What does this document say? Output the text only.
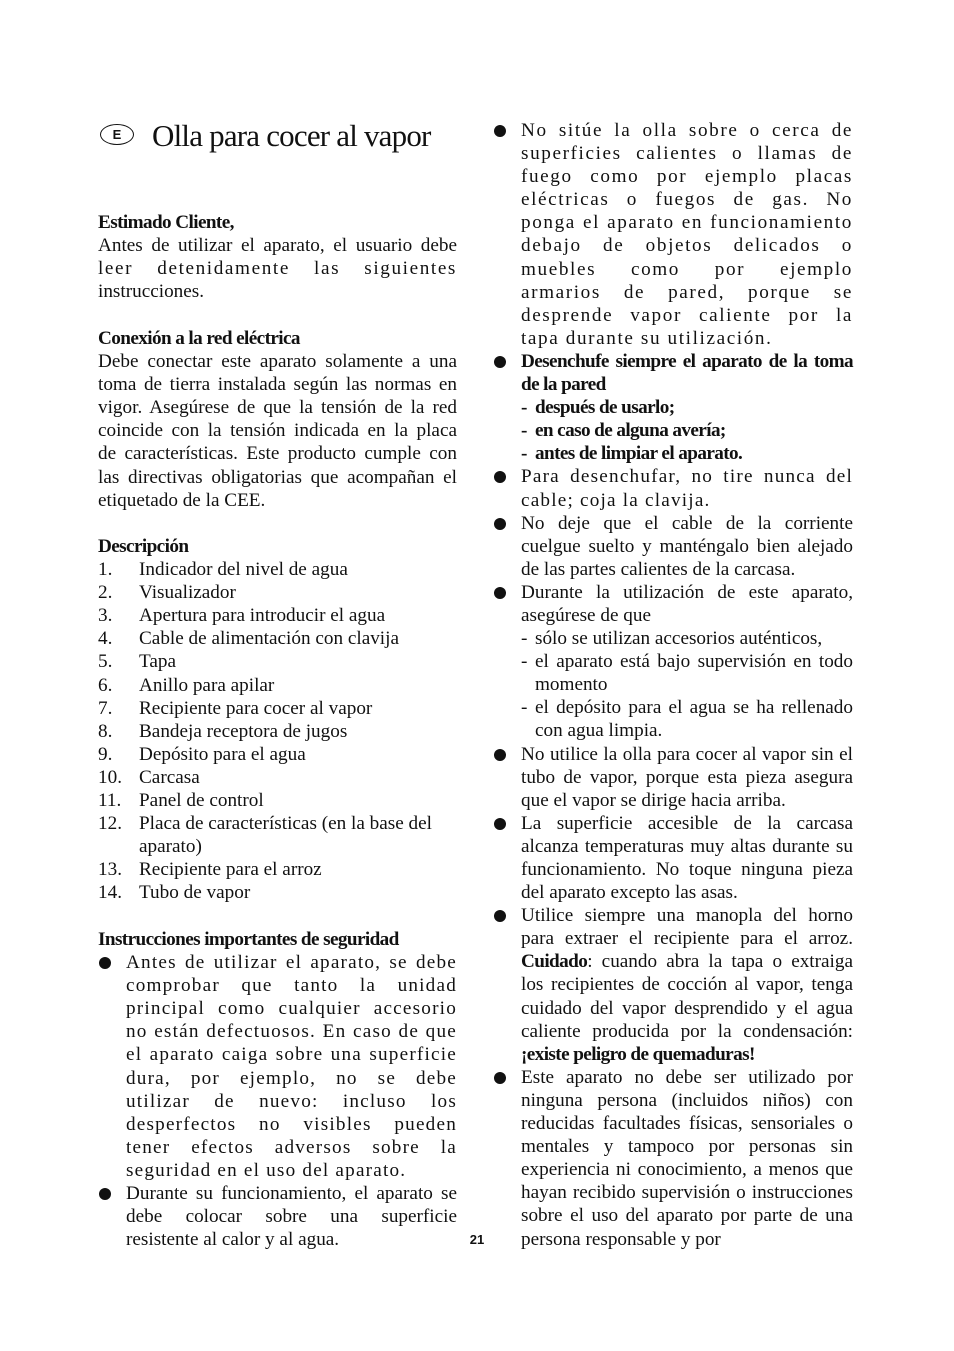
E Olla para cocer al vapor

Estimado Cliente,

Antes de utilizar el aparato, el usuario debe

leer detenidamente las siguientes

instrucciones.

Conexión a la red eléctrica

Debe conectar este aparato solamente a una

toma de tierra instalada según las normas en

vigor. Asegúrese de que la tensión de la red

coincide con la tensión indicada en la placa

de características. Este producto cumple con

las directivas obligatorias que acompañan el

etiquetado de la CEE.

Descripción

1. Indicador del nivel de agua
2. Visualizador
3. Apertura para introducir el agua
4. Cable de alimentación con clavija
5. Tapa
6. Anillo para apilar
7. Recipiente para cocer al vapor
8. Bandeja receptora de jugos
9. Depósito para el agua
10. Carcasa
11. Panel de control
12. Placa de características (en la base del aparato)
13. Recipiente para el arroz
14. Tubo de vapor

Instrucciones importantes de seguridad

Antes de utilizar el aparato, se debe comprobar que tanto la unidad principal como cualquier accesorio no están defectuosos. En caso de que el aparato caiga sobre una superficie dura, por ejemplo, no se debe utilizar de nuevo: incluso los desperfectos no visibles pueden tener efectos adversos sobre la seguridad en el uso del aparato.
Durante su funcionamiento, el aparato se debe colocar sobre una superficie resistente al calor y al agua.
No sitúe la olla sobre o cerca de superficies calientes o llamas de fuego como por ejemplo placas eléctricas o fuegos de gas. No ponga el aparato en funcionamiento debajo de objetos delicados o muebles como por ejemplo armarios de pared, porque se desprende vapor caliente por la tapa durante su utilización.
Desenchufe siempre el aparato de la toma de la pared
- después de usarlo;
- en caso de alguna avería;
- antes de limpiar el aparato.
Para desenchufar, no tire nunca del cable; coja la clavija.
No deje que el cable de la corriente cuelgue suelto y manténgalo bien alejado de las partes calientes de la carcasa.
Durante la utilización de este aparato, asegúrese de que
- sólo se utilizan accesorios auténticos,
- el aparato está bajo supervisión en todo momento
- el depósito para el agua se ha rellenado con agua limpia.
No utilice la olla para cocer al vapor sin el tubo de vapor, porque esta pieza asegura que el vapor se dirige hacia arriba.
La superficie accesible de la carcasa alcanza temperaturas muy altas durante su funcionamiento. No toque ninguna pieza del aparato excepto las asas.
Utilice siempre una manopla del horno para extraer el recipiente para el arroz. Cuidado: cuando abra la tapa o extraiga los recipientes de cocción al vapor, tenga cuidado del vapor desprendido y el agua caliente producida por la condensación: ¡existe peligro de quemaduras!
Este aparato no debe ser utilizado por ninguna persona (incluidos niños) con reducidas facultades físicas, sensoriales o mentales y tampoco por personas sin experiencia ni conocimiento, a menos que hayan recibido supervisión o instrucciones sobre el uso del aparato por parte de una persona responsable y por
21
